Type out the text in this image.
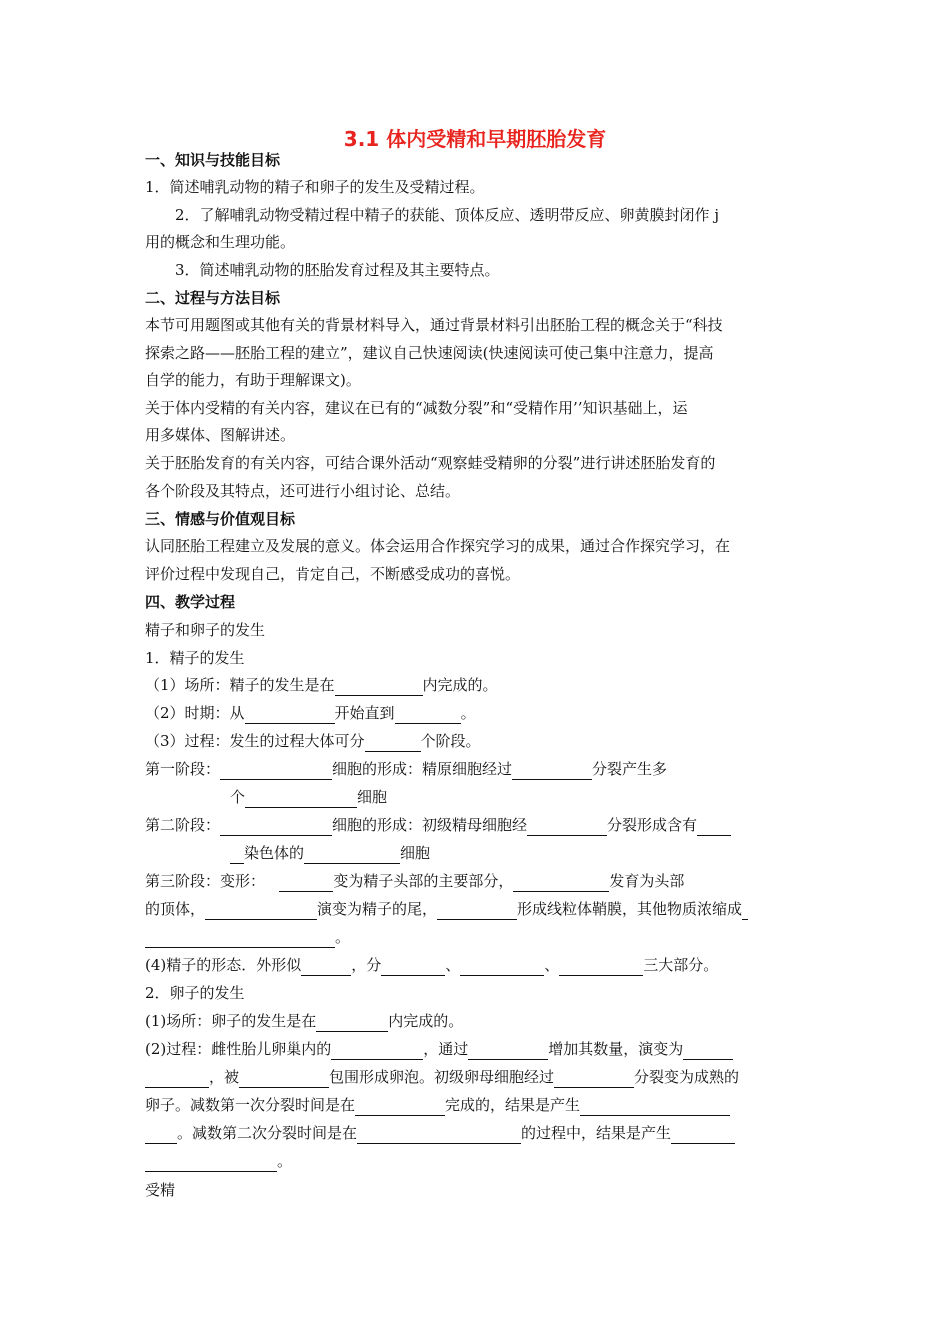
3.1 体内受精和早期胚胎发育
一、知识与技能目标
1．简述哺乳动物的精子和卵子的发生及受精过程。
2．了解哺乳动物受精过程中精子的获能、顶体反应、透明带反应、卵黄膜封闭作 j
用的概念和生理功能。
3．简述哺乳动物的胚胎发育过程及其主要特点。
二、过程与方法目标
本节可用题图或其他有关的背景材料导入，通过背景材料引出胚胎工程的概念关于“科技
探索之路——胚胎工程的建立”，建议自己快速阅读(快速阅读可使己集中注意力，提高
自学的能力，有助于理解课文)。
关于体内受精的有关内容，建议在已有的“减数分裂”和“受精作用’’知识基础上，运
用多媒体、图解讲述。
关于胚胎发育的有关内容，可结合课外活动“观察蛙受精卵的分裂”进行讲述胚胎发育的
各个阶段及其特点，还可进行小组讨论、总结。
三、情感与价值观目标
认同胚胎工程建立及发展的意义。体会运用合作探究学习的成果，通过合作探究学习，在
评价过程中发现自己，肯定自己，不断感受成功的喜悦。
四、教学过程
精子和卵子的发生
1．精子的发生
（1）场所：精子的发生是在	内完成的。
（2）时期：从	开始直到	。
（3）过程：发生的过程大体可分	个阶段。
第一阶段：	细胞的形成：精原细胞经过	分裂产生多
个	细胞
第二阶段：	细胞的形成：初级精母细胞经	分裂形成含有
染色体的	细胞
第三阶段：变形：	变为精子头部的主要部分，	发育为头部
的顶体，	演变为精子的尾，	形成线粒体鞘膜，其他物质浓缩成
。
(4)精子的形态．外形似	，分	、	、	三大部分。
2．卵子的发生
(1)场所：卵子的发生是在	内完成的。
(2)过程：雌性胎儿卵巢内的	，通过	增加其数量，演变为
，被	包围形成卵泡。初级卵母细胞经过	分裂变为成熟的
卵子。减数第一次分裂时间是在	完成的，结果是产生
。减数第二次分裂时间是在	的过程中，结果是产生
。
受精
